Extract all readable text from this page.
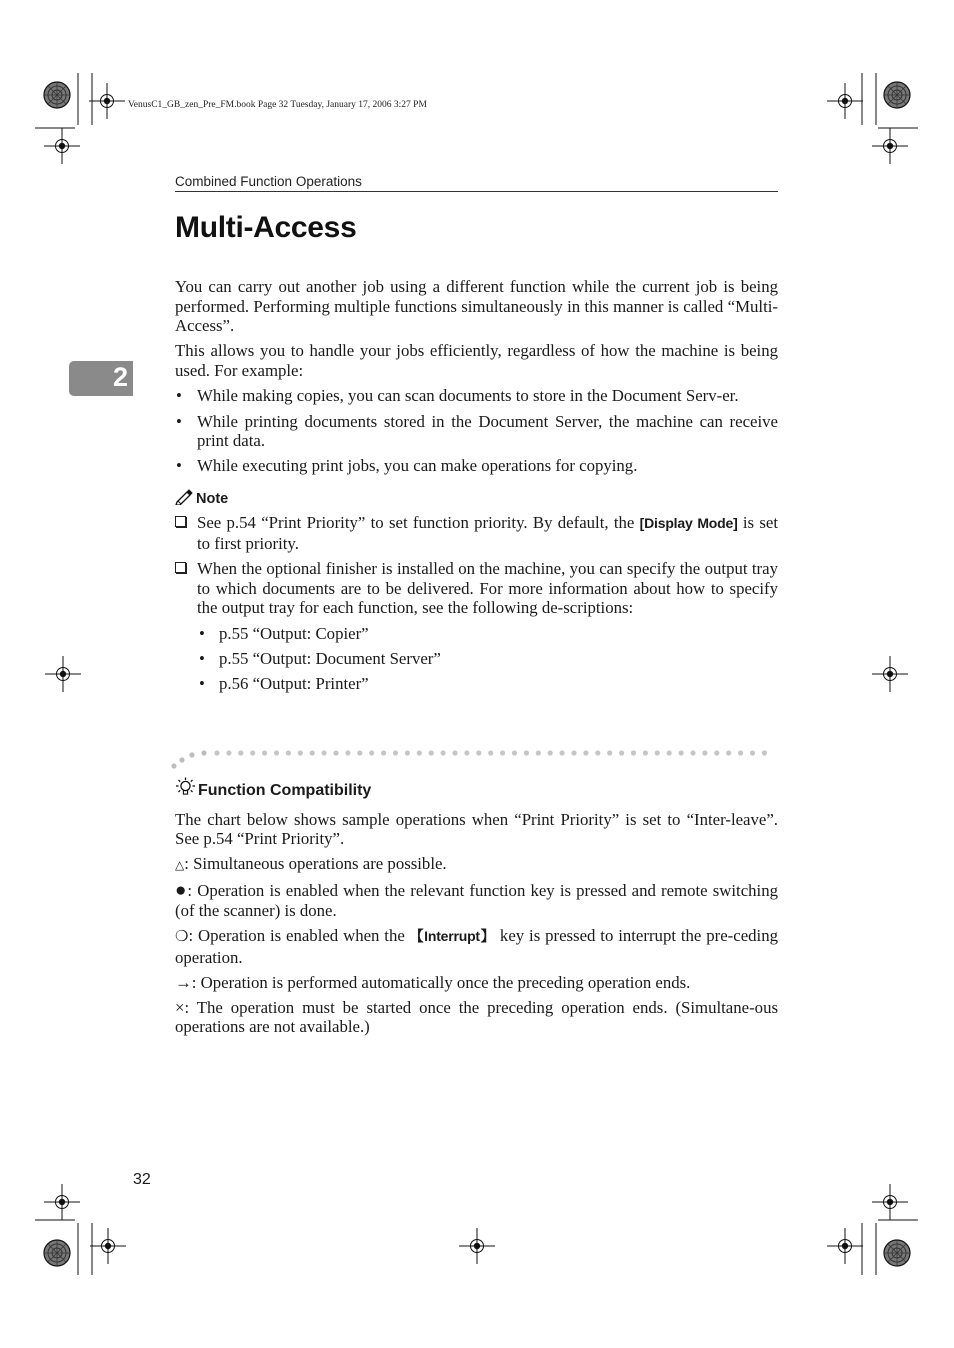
VenusC1_GB_zen_Pre_FM.book Page 32 Tuesday, January 17, 2006 3:27 PM
Combined Function Operations
Multi-Access
2

You can carry out another job using a different function while the current job is being performed. Performing multiple functions simultaneously in this manner is called “Multi-Access”.

This allows you to handle your jobs efficiently, regardless of how the machine is being used. For example:

• While making copies, you can scan documents to store in the Document Serv-er.
• While printing documents stored in the Document Server, the machine can receive print data.
• While executing print jobs, you can make operations for copying.
Note
See p.54 “Print Priority” to set function priority. By default, the [Display Mode] is set to first priority.
When the optional finisher is installed on the machine, you can specify the output tray to which documents are to be delivered. For more information about how to specify the output tray for each function, see the following de-scriptions:
• p.55 “Output: Copier”
• p.55 “Output: Document Server”
• p.56 “Output: Printer”
Function Compatibility

The chart below shows sample operations when “Print Priority” is set to “Inter-leave”. See p.54 “Print Priority”.

△: Simultaneous operations are possible.

●: Operation is enabled when the relevant function key is pressed and remote switching (of the scanner) is done.

❍: Operation is enabled when the 【Interrupt】 key is pressed to interrupt the pre-ceding operation.

→: Operation is performed automatically once the preceding operation ends.

×: The operation must be started once the preceding operation ends. (Simultane-ous operations are not available.)

32
